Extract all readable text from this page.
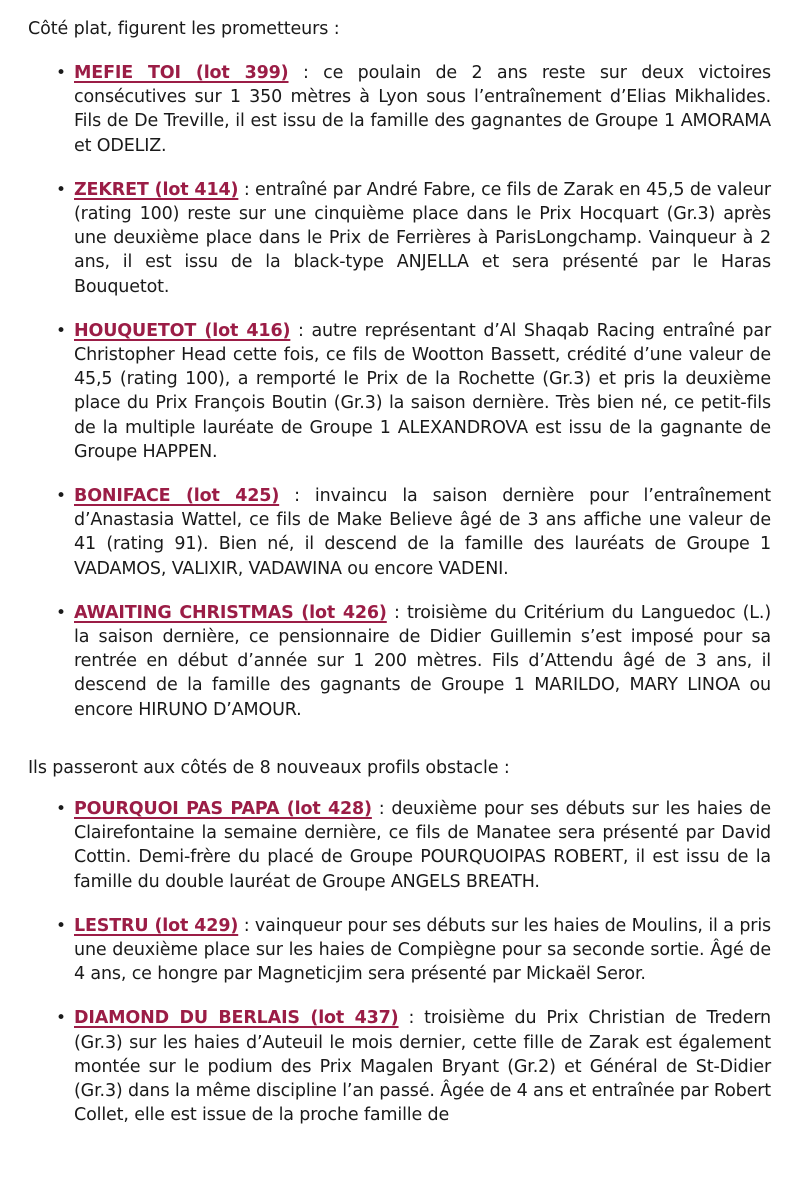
Côté plat, figurent les prometteurs :

• MEFIE TOI (lot 399) : ce poulain de 2 ans reste sur deux victoires consécutives sur 1 350 mètres à Lyon sous l’entraînement d’Elias Mikhalides. Fils de De Treville, il est issu de la famille des gagnantes de Groupe 1 AMORAMA et ODELIZ.
• ZEKRET (lot 414) : entraîné par André Fabre, ce fils de Zarak en 45,5 de valeur (rating 100) reste sur une cinquième place dans le Prix Hocquart (Gr.3) après une deuxième place dans le Prix de Ferrières à ParisLongchamp. Vainqueur à 2 ans, il est issu de la black-type ANJELLA et sera présenté par le Haras Bouquetot.
• HOUQUETOT (lot 416) : autre représentant d’Al Shaqab Racing entraîné par Christopher Head cette fois, ce fils de Wootton Bassett, crédité d’une valeur de 45,5 (rating 100), a remporté le Prix de la Rochette (Gr.3) et pris la deuxième place du Prix François Boutin (Gr.3) la saison dernière. Très bien né, ce petit-fils de la multiple lauréate de Groupe 1 ALEXANDROVA est issu de la gagnante de Groupe HAPPEN.
• BONIFACE (lot 425) : invaincu la saison dernière pour l’entraînement d’Anastasia Wattel, ce fils de Make Believe âgé de 3 ans affiche une valeur de 41 (rating 91). Bien né, il descend de la famille des lauréats de Groupe 1 VADAMOS, VALIXIR, VADAWINA ou encore VADENI.
• AWAITING CHRISTMAS (lot 426) : troisième du Critérium du Languedoc (L.) la saison dernière, ce pensionnaire de Didier Guillemin s’est imposé pour sa rentrée en début d’année sur 1 200 mètres. Fils d’Attendu âgé de 3 ans, il descend de la famille des gagnants de Groupe 1 MARILDO, MARY LINOA ou encore HIRUNO D’AMOUR.

Ils passeront aux côtés de 8 nouveaux profils obstacle :

• POURQUOI PAS PAPA (lot 428) : deuxième pour ses débuts sur les haies de Clairefontaine la semaine dernière, ce fils de Manatee sera présenté par David Cottin. Demi-frère du placé de Groupe POURQUOIPAS ROBERT, il est issu de la famille du double lauréat de Groupe ANGELS BREATH.
• LESTRU (lot 429) : vainqueur pour ses débuts sur les haies de Moulins, il a pris une deuxième place sur les haies de Compiègne pour sa seconde sortie. Âgé de 4 ans, ce hongre par Magneticjim sera présenté par Mickaël Seror.
• DIAMOND DU BERLAIS (lot 437) : troisième du Prix Christian de Tredern (Gr.3) sur les haies d’Auteuil le mois dernier, cette fille de Zarak est également montée sur le podium des Prix Magalen Bryant (Gr.2) et Général de St-Didier (Gr.3) dans la même discipline l’an passé. Âgée de 4 ans et entraînée par Robert Collet, elle est issue de la proche famille de
